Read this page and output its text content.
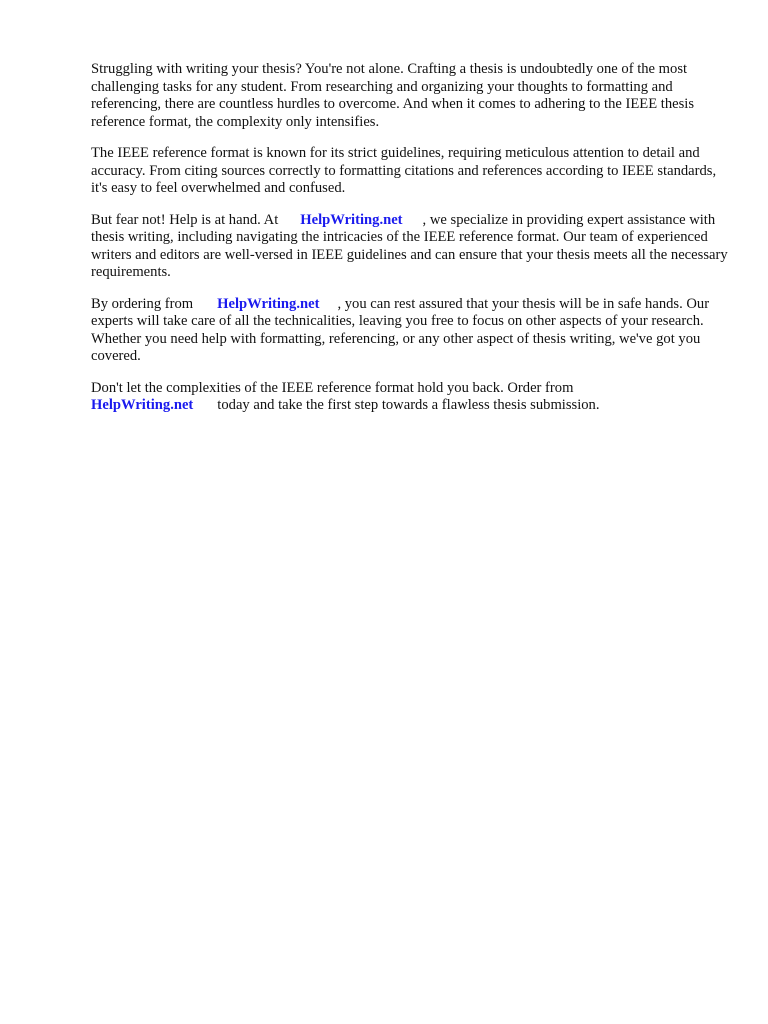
Struggling with writing your thesis? You're not alone. Crafting a thesis is undoubtedly one of the most challenging tasks for any student. From researching and organizing your thoughts to formatting and referencing, there are countless hurdles to overcome. And when it comes to adhering to the IEEE thesis reference format, the complexity only intensifies.

The IEEE reference format is known for its strict guidelines, requiring meticulous attention to detail and accuracy. From citing sources correctly to formatting citations and references according to IEEE standards, it's easy to feel overwhelmed and confused.

But fear not! Help is at hand. At HelpWriting.net , we specialize in providing expert assistance with thesis writing, including navigating the intricacies of the IEEE reference format. Our team of experienced writers and editors are well-versed in IEEE guidelines and can ensure that your thesis meets all the necessary requirements.

By ordering from HelpWriting.net , you can rest assured that your thesis will be in safe hands. Our experts will take care of all the technicalities, leaving you free to focus on other aspects of your research. Whether you need help with formatting, referencing, or any other aspect of thesis writing, we've got you covered.

Don't let the complexities of the IEEE reference format hold you back. Order from
HelpWriting.net today and take the first step towards a flawless thesis submission.
